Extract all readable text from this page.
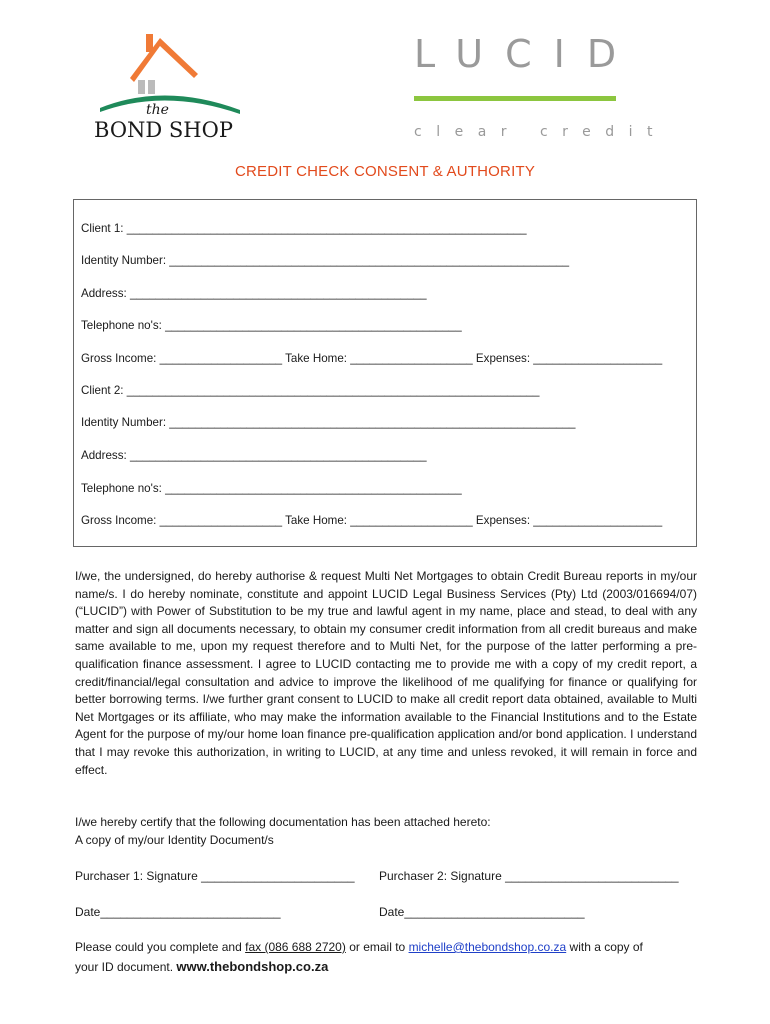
the
BOND SHOP
LUCID
clear credit
CREDIT CHECK CONSENT & AUTHORITY
Client 1: ______________________________________________________________
Identity Number: ______________________________________________________________
Address: ______________________________________________
Telephone no's: ______________________________________________
Gross Income: ___________________ Take Home: ___________________ Expenses: ____________________
Client 2: ________________________________________________________________
Identity Number: _______________________________________________________________
Address: ______________________________________________
Telephone no's: ______________________________________________
Gross Income: ___________________ Take Home: ___________________ Expenses: ____________________

I/we, the undersigned, do hereby authorise & request Multi Net Mortgages to obtain Credit Bureau reports in my/our name/s. I do hereby nominate, constitute and appoint LUCID Legal Business Services (Pty) Ltd (2003/016694/07) (“LUCID”) with Power of Substitution to be my true and lawful agent in my name, place and stead, to deal with any matter and sign all documents necessary, to obtain my consumer credit information from all credit bureaus and make same available to me, upon my request therefore and to Multi Net, for the purpose of the latter performing a pre-qualification finance assessment. I agree to LUCID contacting me to provide me with a copy of my credit report, a credit/financial/legal consultation and advice to improve the likelihood of me qualifying for finance or qualifying for better borrowing terms. I/we further grant consent to LUCID to make all credit report data obtained, available to Multi Net Mortgages or its affiliate, who may make the information available to the Financial Institutions and to the Estate Agent for the purpose of my/our home loan finance pre-qualification application and/or bond application. I understand that I may revoke this authorization, in writing to LUCID, at any time and unless revoked, it will remain in force and effect.

I/we hereby certify that the following documentation has been attached hereto:
A copy of my/our Identity Document/s
Purchaser 1: Signature _______________________ Purchaser 2: Signature __________________________
Date___________________________	Date___________________________
Please could you complete and fax (086 688 2720) or email to michelle@thebondshop.co.za with a copy of
your ID document. www.thebondshop.co.za
